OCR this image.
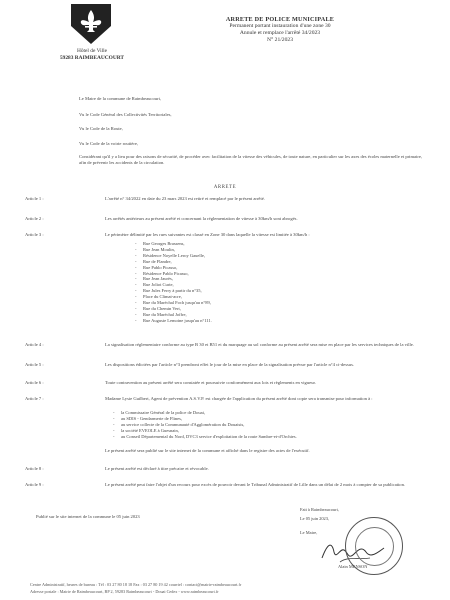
Hôtel de Ville
59283 RAIMBEAUCOURT
ARRETE DE POLICE MUNICIPALE
Permanent portant instauration d'une zone 30
Annule et remplace l'arrêté 34/2023
N° 21/2023
Le Maire de la commune de Raimbeaucourt,
Vu le Code Général des Collectivités Territoriales,
Vu le Code de la Route,
Vu le Code de la voirie routière,
Considérant qu'il y a lieu pour des raisons de sécurité, de procéder avec facilitation de la vitesse des véhicules, de toute nature, en particulier sur les axes des écoles maternelle et primaire, afin de prévenir les accidents de la circulation.
ARRETE
Article 1 :	L'arrêté n° 34/2022 en date du 23 mars 2023 est retiré et remplacé par le présent arrêté.
Article 2 :	Les arrêtés antérieurs au présent arrêté et concernant la réglementation de vitesse à 30km/h sont abrogés.
Article 3 :	Le périmètre délimité par les rues suivantes est classé en Zone 30 dans laquelle la vitesse est limitée à 30km/h :
- Rue Georges Brassens,
- Rue Jean Moulin,
- Résidence Noyelle Leroy Gauelle,
- Rue de Flandre,
- Rue Pablo Picasso,
- Résidence Pablo Picasso,
- Rue Jean Jaurès,
- Rue Joliot Curie,
- Rue Jules Ferry à partir du n°35,
- Place du Climat-acre,
- Rue du Maréchal Foch jusqu'au n°89,
- Rue du Chemin Vert,
- Rue du Maréchal Joffre,
- Rue Auguste Lemoine jusqu'au n°111.
Article 4 :	La signalisation réglementaire conforme au type B 30 et B51 et du marquage au sol conforme au présent arrêté sera mise en place par les services techniques de la ville.
Article 5 :	Les dispositions édictées par l'article n°3 prendront effet le jour de la mise en place de la signalisation prévue par l'article n°4 ci-dessus.
Article 6 :	Toute contravention au présent arrêté sera constatée et poursuivie conformément aux lois et règlements en vigueur.
Article 7 :	Madame Lysie Guilbert, Agent de prévention A.S.V.P. est chargée de l'application du présent arrêté dont copie sera transmise pour information à :
- la Commissaire Général de la police de Douai,
- au SDIS - Gendarmerie de Flines,
- au service collecte de la Communauté d'Agglomération du Douaisis,
- la société EVEOLE à Guesnain,
- au Conseil Départemental du Nord, DVC3 service d'exploitation de la route Sambre-et-d'Orchies.
Le présent arrêté sera publié sur le site internet de la commune et affiché dans le registre des actes de l'exécutif.
Article 8 :	Le présent arrêté est déclaré à titre précaire et révocable.
Article 9 :	Le présent arrêté peut faire l'objet d'un recours pour excès de pouvoir devant le Tribunal Administratif de Lille dans un délai de 2 mois à compter de sa publication.
Publié sur le site internet de la commune le 05 juin 2023
Fait à Raimbeaucourt,
Le 05 juin 2023,
Le Maire,
Alain MENSON
Centre Administratif, heures de bureau : Tél : 03 27 80 18 18 Fax : 03 27 80 19 42 courriel : contact@mairie-raimbeaucourt.fr
Adresse postale : Mairie de Raimbeaucourt, BP 2, 59283 Raimbeaucourt - Douai Cedex - www.raimbeaucourt.fr
